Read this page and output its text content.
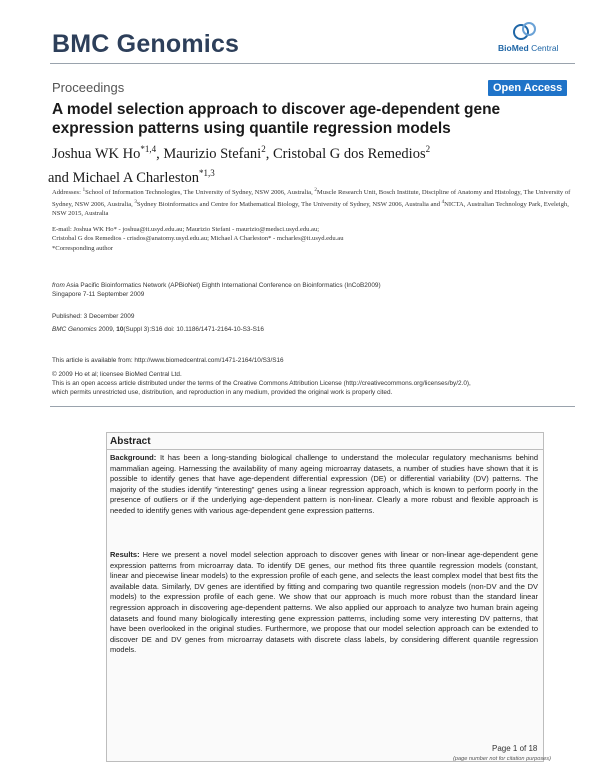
BMC Genomics	BioMed Central
Proceedings	Open Access
A model selection approach to discover age-dependent gene expression patterns using quantile regression models
Joshua WK Ho$^{*1,4}$, Maurizio Stefani$^2$, Cristobal G dos Remedios$^2$
and Michael A Charleston$^{*1,3}$
Addresses: $^1$School of Information Technologies, The University of Sydney, NSW 2006, Australia, $^2$Muscle Research Unit, Bosch Institute, Discipline of Anatomy and Histology, The University of Sydney, NSW 2006, Australia, $^3$Sydney Bioinformatics and Centre for Mathematical Biology, The University of Sydney, NSW 2006, Australia and $^4$NICTA, Australian Technology Park, Eveleigh, NSW 2015, Australia
E-mail: Joshua WK Ho* - joshua@it.usyd.edu.au; Maurizio Stefani - maurizio@medsci.usyd.edu.au;
Cristobal G dos Remedios - crisdos@anatomy.usyd.edu.au; Michael A Charleston* - mcharles@it.usyd.edu.au
*Corresponding author
from Asia Pacific Bioinformatics Network (APBioNet) Eighth International Conference on Bioinformatics (InCoB2009)
Singapore 7-11 September 2009
Published: 3 December 2009
BMC Genomics 2009, 10(Suppl 3):S16 doi: 10.1186/1471-2164-10-S3-S16
This article is available from: http://www.biomedcentral.com/1471-2164/10/S3/S16
© 2009 Ho et al; licensee BioMed Central Ltd.
This is an open access article distributed under the terms of the Creative Commons Attribution License (http://creativecommons.org/licenses/by/2.0),
which permits unrestricted use, distribution, and reproduction in any medium, provided the original work is properly cited.
Abstract
Background: It has been a long-standing biological challenge to understand the molecular regulatory mechanisms behind mammalian ageing. Harnessing the availability of many ageing microarray datasets, a number of studies have shown that it is possible to identify genes that have age-dependent differential expression (DE) or differential variability (DV) patterns. The majority of the studies identify "interesting" genes using a linear regression approach, which is known to perform poorly in the presence of outliers or if the underlying age-dependent pattern is non-linear. Clearly a more robust and flexible approach is needed to identify genes with various age-dependent gene expression patterns.
Results: Here we present a novel model selection approach to discover genes with linear or non-linear age-dependent gene expression patterns from microarray data. To identify DE genes, our method fits three quantile regression models (constant, linear and piecewise linear models) to the expression profile of each gene, and selects the least complex model that best fits the available data. Similarly, DV genes are identified by fitting and comparing two quantile regression models (non-DV and the DV models) to the expression profile of each gene. We show that our approach is much more robust than the standard linear regression approach in discovering age-dependent patterns. We also applied our approach to analyze two human brain ageing datasets and found many biologically interesting gene expression patterns, including some very interesting DV patterns, that have been overlooked in the original studies. Furthermore, we propose that our model selection approach can be extended to discover DE and DV genes from microarray datasets with discrete class labels, by considering different quantile regression models.
Page 1 of 18
(page number not for citation purposes)
